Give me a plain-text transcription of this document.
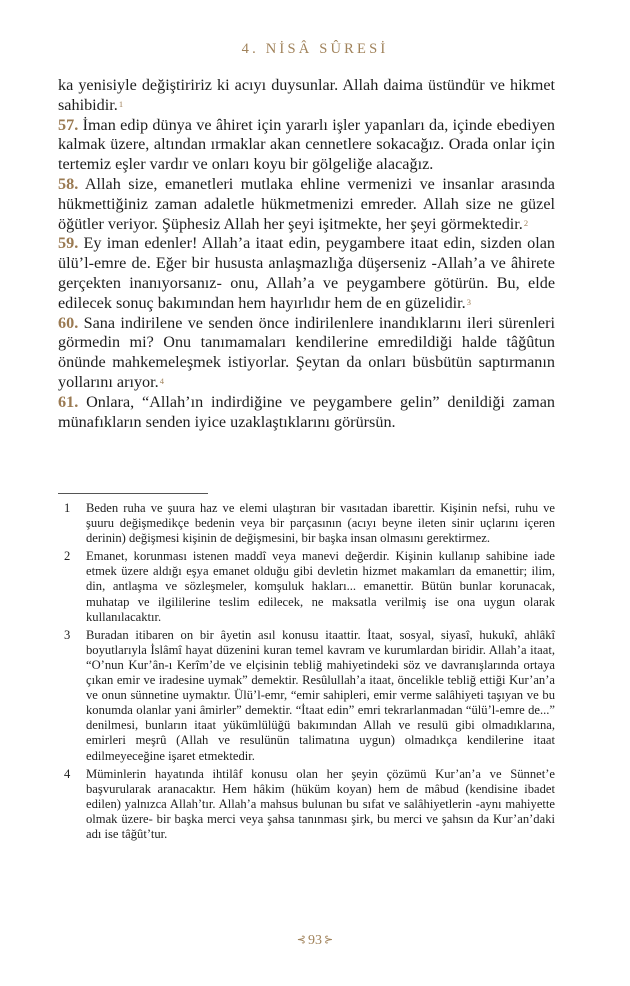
4. NİSÂ SÛRESİ

ka yenisiyle değiştiririz ki acıyı duysunlar. Allah daima üstündür ve hikmet sahibidir.$^1$

57. İman edip dünya ve âhiret için yararlı işler yapanları da, içinde ebediyen kalmak üzere, altından ırmaklar akan cennetlere sokacağız. Orada onlar için tertemiz eşler vardır ve onları koyu bir gölgeliğe alacağız.

58. Allah size, emanetleri mutlaka ehline vermenizi ve insanlar arasında hükmettiğiniz zaman adaletle hükmetmenizi emreder. Allah size ne güzel öğütler veriyor. Şüphesiz Allah her şeyi işitmekte, her şeyi görmektedir.$^2$

59. Ey iman edenler! Allah’a itaat edin, peygambere itaat edin, sizden olan ülü’l-emre de. Eğer bir hususta anlaşmazlığa düşerseniz -Allah’a ve âhirete gerçekten inanıyorsanız- onu, Allah’a ve peygambere götürün. Bu, elde edilecek sonuç bakımından hem hayırlıdır hem de en güzelidir.$^3$

60. Sana indirilene ve senden önce indirilenlere inandıklarını ileri sürenleri görmedin mi? Onu tanımamaları kendilerine emredildiği halde tâğûtun önünde mahkemeleşmek istiyorlar. Şeytan da onları büsbütün saptırmanın yollarını arıyor.$^4$

61. Onlara, “Allah’ın indirdiğine ve peygambere gelin” denildiği zaman münafıkların senden iyice uzaklaştıklarını görürsün.

1	Beden ruha ve şuura haz ve elemi ulaştıran bir vasıtadan ibarettir. Kişinin nefsi, ruhu ve şuuru değişmedikçe bedenin veya bir parçasının (acıyı beyne ileten sinir uçlarını içeren derinin) değişmesi kişinin de değişmesini, bir başka insan olmasını gerektirmez.
2	Emanet, korunması istenen maddî veya manevi değerdir. Kişinin kullanıp sahibine iade etmek üzere aldığı eşya emanet olduğu gibi devletin hizmet makamları da emanettir; ilim, din, antlaşma ve sözleşmeler, komşuluk hakları... emanettir. Bütün bunlar korunacak, muhatap ve ilgililerine teslim edilecek, ne maksatla verilmiş ise ona uygun olarak kullanılacaktır.
3	Buradan itibaren on bir âyetin asıl konusu itaattir. İtaat, sosyal, siyasî, hukukî, ahlâkî boyutlarıyla İslâmî hayat düzenini kuran temel kavram ve kurumlardan biridir. Allah’a itaat, “O’nun Kur’ân-ı Kerîm’de ve elçisinin tebliğ mahiyetindeki söz ve davranışlarında ortaya çıkan emir ve iradesine uymak” demektir. Resûlullah’a itaat, öncelikle tebliğ ettiği Kur’an’a ve onun sünnetine uymaktır. Ülü’l-emr, “emir sahipleri, emir verme salâhiyeti taşıyan ve bu konumda olanlar yani âmirler” demektir. “İtaat edin” emri tekrarlanmadan “ülü’l-emre de...” denilmesi, bunların itaat yükümlülüğü bakımından Allah ve resulü gibi olmadıklarına, emirleri meşrû (Allah ve resulünün talimatına uygun) olmadıkça kendilerine itaat edilmeyeceğine işaret etmektedir.
4	Müminlerin hayatında ihtilâf konusu olan her şeyin çözümü Kur’an’a ve Sünnet’e başvurularak aranacaktır. Hem hâkim (hüküm koyan) hem de mâbud (kendisine ibadet edilen) yalnızca Allah’tır. Allah’a mahsus bulunan bu sıfat ve salâhiyetlerin -aynı mahiyette olmak üzere- bir başka merci veya şahsa tanınması şirk, bu merci ve şahsın da Kur’an’daki adı ise tâğût’tur.
⊰ 93 ⊱
